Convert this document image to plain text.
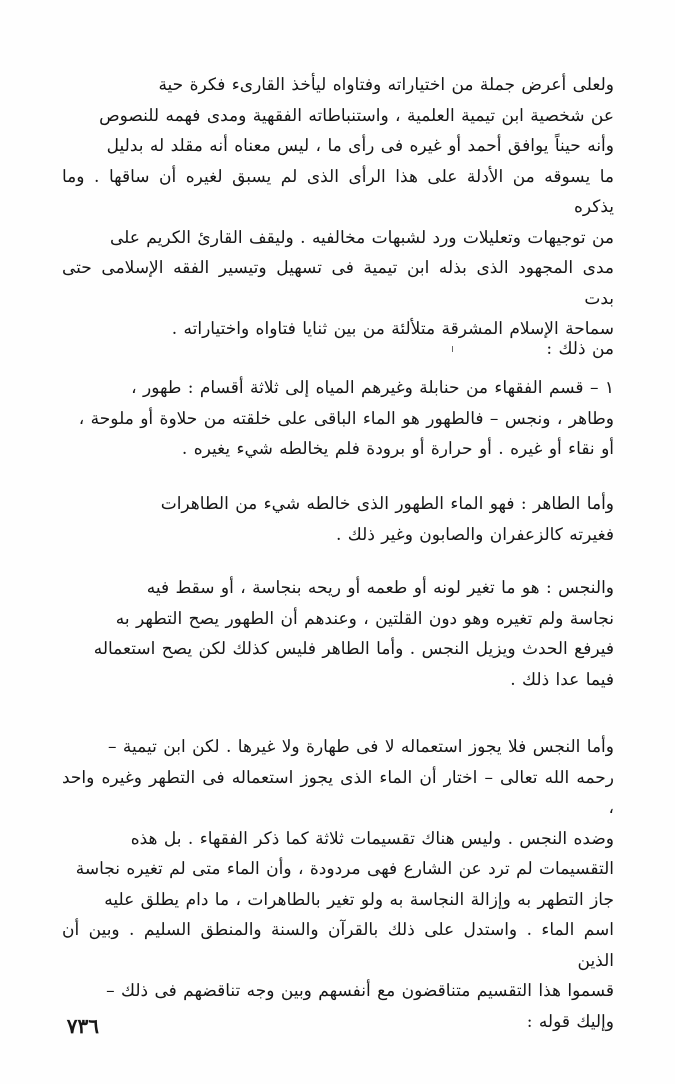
ولعلى أعرض جملة من اختياراته وفتاواه ليأخذ القارىء فكرة حية
عن شخصية ابن تيمية العلمية ، واستنباطاته الفقهية ومدى فهمه للنصوص
وأنه حيناً يوافق أحمد أو غيره فى رأى ما ، ليس معناه أنه مقلد له بدليل
ما يسوقه من الأدلة على هذا الرأى الذى لم يسبق لغيره أن ساقها . وما يذكره
من توجيهات وتعليلات ورد لشبهات مخالفيه . وليقف القارئ الكريم على
مدى المجهود الذى بذله ابن تيمية فى تسهيل وتيسير الفقه الإسلامى حتى بدت
سماحة الإسلام المشرقة متلألئة من بين ثنايا فتاواه واختياراته .
من ذلك :
١ – قسم الفقهاء من حنابلة وغيرهم المياه إلى ثلاثة أقسام : طهور ،
وطاهر ، ونجس – فالطهور هو الماء الباقى على خلقته من حلاوة أو ملوحة ،
أو نقاء أو غيره . أو حرارة أو برودة فلم يخالطه شيء يغيره .
وأما الطاهر : فهو الماء الطهور الذى خالطه شيء من الطاهرات
فغيرته كالزعفران والصابون وغير ذلك .
والنجس : هو ما تغير لونه أو طعمه أو ريحه بنجاسة ، أو سقط فيه
نجاسة ولم تغيره وهو دون القلتين ، وعندهم أن الطهور يصح التطهر به
فيرفع الحدث ويزيل النجس . وأما الطاهر فليس كذلك لكن يصح استعماله
فيما عدا ذلك .
وأما النجس فلا يجوز استعماله لا فى طهارة ولا غيرها . لكن ابن تيمية –
رحمه الله تعالى – اختار أن الماء الذى يجوز استعماله فى التطهر وغيره واحد ،
وضده النجس . وليس هناك تقسيمات ثلاثة كما ذكر الفقهاء . بل هذه
التقسيمات لم ترد عن الشارع فهى مردودة ، وأن الماء متى لم تغيره نجاسة
جاز التطهر به وإزالة النجاسة به ولو تغير بالطاهرات ، ما دام يطلق عليه
اسم الماء . واستدل على ذلك بالقرآن والسنة والمنطق السليم . وبين أن الذين
قسموا هذا التقسيم متناقضون مع أنفسهم وبين وجه تناقضهم فى ذلك –
وإليك قوله :
٧٣٦
